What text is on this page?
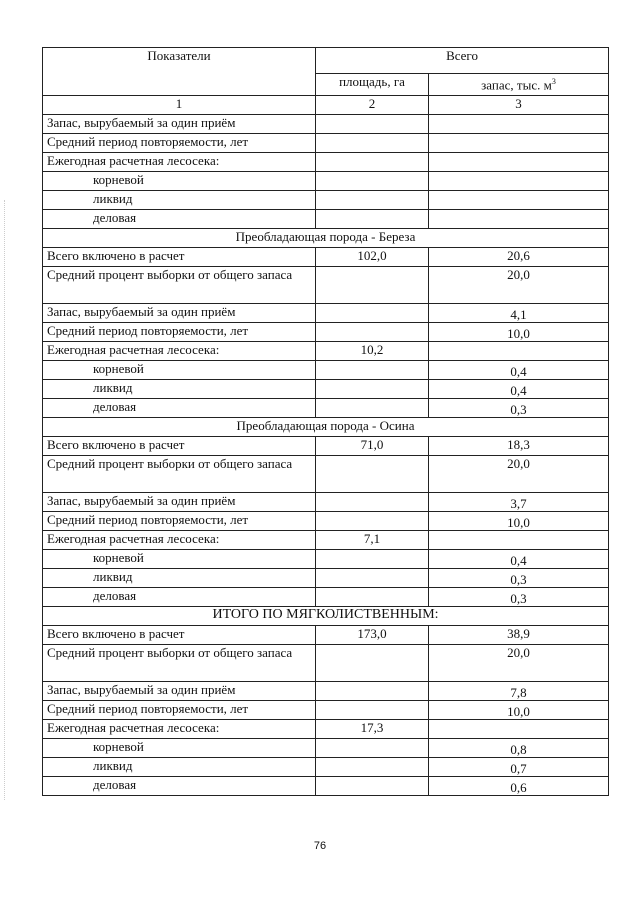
Показатели	Всего	
	площадь, га	запас, тыс. $м^3$
1	2	3
Запас, вырубаемый за один приём		
Средний период повторяемости, лет		
Ежегодная расчетная лесосека:		
корневой		
ликвид		
деловая		
Преобладающая порода - Береза		
Всего включено в расчет	102,0	20,6
Средний процент выборки от общего запаса		20,0
Запас, вырубаемый за один приём		4,1
Средний период повторяемости, лет		10,0
Ежегодная расчетная лесосека:	10,2	
корневой		0,4
ликвид		0,4
деловая		0,3
Преобладающая порода - Осина		
Всего включено в расчет	71,0	18,3
Средний процент выборки от общего запаса		20,0
Запас, вырубаемый за один приём		3,7
Средний период повторяемости, лет		10,0
Ежегодная расчетная лесосека:	7,1	
корневой		0,4
ликвид		0,3
деловая		0,3
ИТОГО ПО МЯГКОЛИСТВЕННЫМ:		
Всего включено в расчет	173,0	38,9
Средний процент выборки от общего запаса		20,0
Запас, вырубаемый за один приём		7,8
Средний период повторяемости, лет		10,0
Ежегодная расчетная лесосека:	17,3	
корневой		0,8
ликвид		0,7
деловая		0,6
76
